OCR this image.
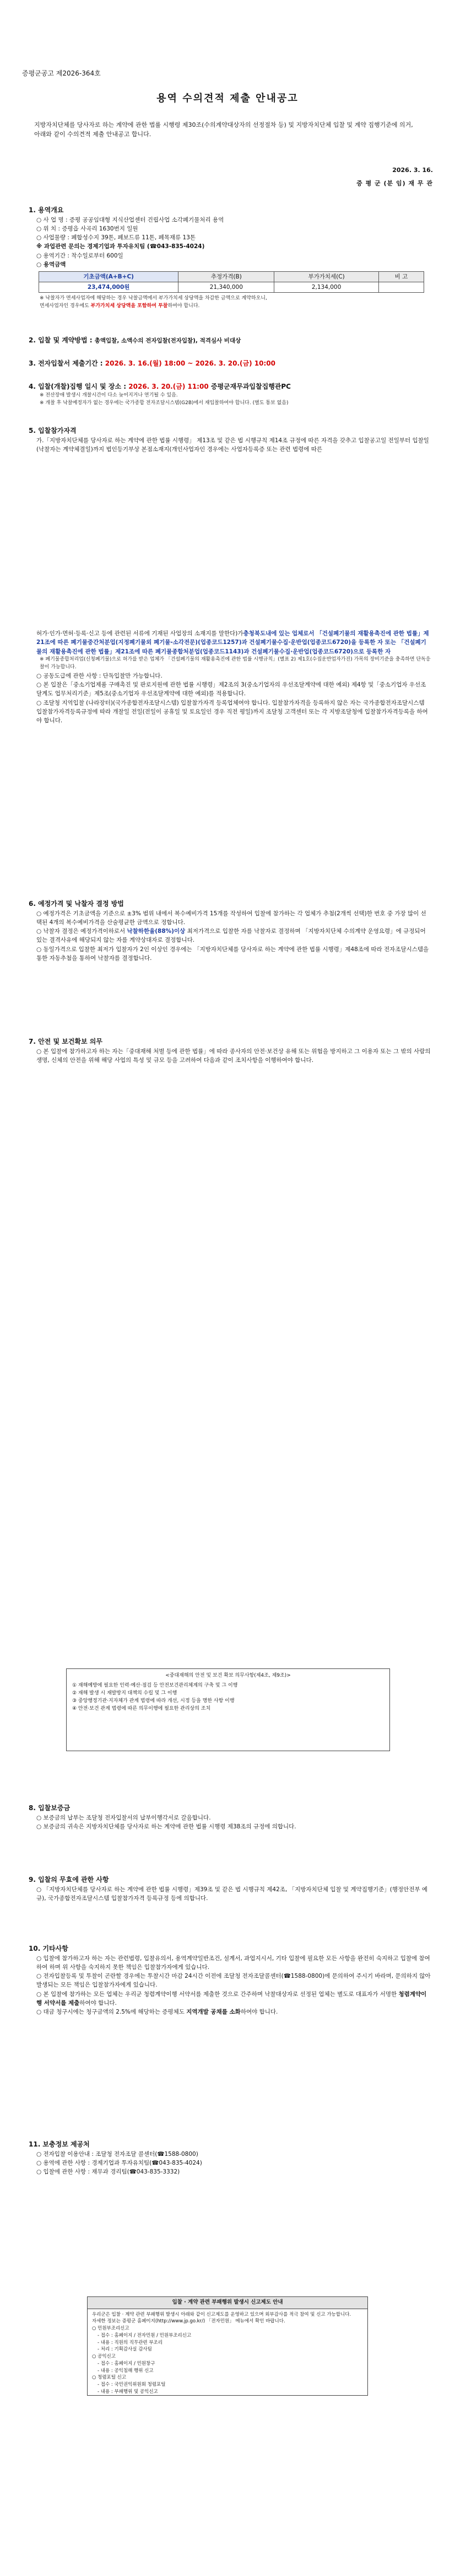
증평군공고 제2026-364호
용역 수의견적 제출 안내공고
지방자치단체를 당사자로 하는 계약에 관한 법률 시행령 제30조(수의계약대상자의 선정절차 등) 및 지방자치단체 입찰 및 계약 집행기준에 의거, 아래와 같이 수의견적 제출 안내공고 합니다.
2026. 3. 16.
증 평 군 (분 임) 재 무 관
1. 용역개요
○ 사 업 명 : 증평 공공임대형 지식산업센터 건립사업 소각폐기물처리 용역
○ 위 치 : 증평읍 사곡리 1630번지 일원
○ 사업물량 : 폐합성수지 39톤, 폐보드류 11톤, 폐목재류 13톤
※ 과업관련 문의는 경제기업과 투자유치팀 (☎043-835-4024)
○ 용역기간 : 착수일로부터 600일
○ 용역금액
기초금액(A+B+C)	추정가격(B)	부가가치세(C)	비 고
23,474,000원	21,340,000	2,134,000	
※ 낙찰자가 면세사업자에 해당하는 경우 낙찰금액에서 부가가치세 상당액을 차감한 금액으로 계약하오니,
면세사업자인 경우에도 부가가치세 상당액을 포함하여 투찰하여야 합니다.
2. 입찰 및 계약방법 : 총액입찰, 소액수의 전자입찰(전자입찰), 적격심사 비대상
3. 전자입찰서 제출기간 : 2026. 3. 16.(월) 18:00 ~ 2026. 3. 20.(금) 10:00
4. 입찰(개찰)집행 일시 및 장소 : 2026. 3. 20.(금) 11:00 증평군재무과입찰집행관PC
※ 전산장애 발생시 개찰시간이 다소 늦어지거나 연기될 수 있음.
※ 개찰 후 낙찰예정자가 없는 경우에는 국가종합 전자조달시스템(G2B)에서 재입찰하여야 합니다. (별도 통보 없음)
5. 입찰참가자격
가.「지방자치단체를 당사자로 하는 계약에 관한 법률 시행령」 제13조 및 같은 법 시행규칙 제14조 규정에 따른 자격을 갖추고 입찰공고일 전일부터 입찰일(낙찰자는 계약체결일)까지 법인등기부상 본점소재지(개인사업자인 경우에는 사업자등록증 또는 관련 법령에 따른
허가·인가·면허·등록·신고 등에 관련된 서류에 기재된 사업장의 소재지를 말한다)가충청북도내에 있는 업체로서 「건설폐기물의 재활용촉진에 관한 법률」제21조에 따른 폐기물중간처분업(지정폐기물외 폐기물-소각전문)(업종코드1257)과 건설폐기물수집·운반업(업종코드6720)을 등록한 자 또는 「건설폐기물의 재활용촉진에 관한 법률」제21조에 따른 폐기물종합처분업(업종코드1143)과 건설폐기물수집·운반업(업종코드6720)으로 등록한 자
※ 폐기물종합처리업(신청폐기물)으로 허가를 받은 업체가 「건설폐기물의 재활용촉진에 관한 법률 시행규칙」(별표 2) 제1호(수집운반업자가진) 가목의 장비기준을 충족하면 단독응찰이 가능합니다.
○ 공동도급에 관한 사항 : 단독입찰만 가능합니다.
○ 본 입찰은「중소기업제품 구매촉진 및 판로지원에 관한 법률 시행령」제2조의 3(중소기업자의 우선조달계약에 대한 예외) 제4항 및「중소기업자 우선조달계도 업무처리기준」제5조(중소기업자 우선조달계약에 대한 예외)를 적용합니다.
○ 조달청 지역입찰 (나라장터)(국가종합전자조달시스템) 입찰참가자격 등록업체여야 합니다. 입찰참가자격을 등록하지 않은 자는 국가종합전자조달시스템 입찰참가자격등록규정에 따라 개찰일 전일(전일이 공휴일 및 토요일인 경우 직전 평일)까지 조달청 고객센터 또는 각 지방조달청에 입찰참가자격등록을 하여야 합니다.
6. 예정가격 및 낙찰자 결정 방법
○ 예정가격은 기초금액을 기준으로 ±3% 범위 내에서 복수예비가격 15개를 작성하여 입찰에 참가하는 각 업체가 추첨(2개씩 선택)한 번호 중 가장 많이 선택된 4개의 복수예비가격을 산술평균한 금액으로 정합니다.
○ 낙찰자 결정은 예정가격이하로서 낙찰하한율(88%)이상 최저가격으로 입찰한 자를 낙찰자로 결정하며 「지방자치단체 수의계약 운영요령」에 규정되어 있는 결격사유에 해당되지 않는 자를 계약상대자로 결정합니다.
○ 동일가격으로 입찰한 최저가 입찰자가 2인 이상인 경우에는 「지방자치단체를 당사자로 하는 계약에 관한 법률 시행령」제48조에 따라 전자조달시스템을 통한 자동추첨을 통하여 낙찰자를 결정합니다.
7. 안전 및 보건확보 의무
○ 본 입찰에 참가하고자 하는 자는「중대재해 처벌 등에 관한 법률」에 따라 종사자의 안전·보건상 유해 또는 위험을 방지하고 그 이용자 또는 그 밖의 사람의 생명, 신체의 안전을 위해 해당 사업의 특성 및 규모 등을 고려하여 다음과 같이 조치사항을 이행하여야 합니다.
<중대재해의 안전 및 보건 확보 의무사항(제4조, 제9조)>
① 재해예방에 필요한 인력·예산·점검 등 안전보건관리체계의 구축 및 그 이행
② 재해 발생 시 재발방지 대책의 수립 및 그 이행
③ 중앙행정기관·지자체가 관계 법령에 따라 개선, 시정 등을 명한 사항 이행
④ 안전·보건 관계 법령에 따른 의무이행에 필요한 관리상의 조치
8. 입찰보증금
○ 보증금의 납부는 조달청 전자입찰서의 납부이행각서로 갈음합니다.
○ 보증금의 귀속은 지방자치단체를 당사자로 하는 계약에 관한 법률 시행령 제38조의 규정에 의합니다.
9. 입찰의 무효에 관한 사항
○ 「지방자치단체를 당사자로 하는 계약에 관한 법률 시행령」제39조 및 같은 법 시행규칙 제42조, 「지방자치단체 입찰 및 계약집행기준」(행정안전부 예규), 국가종합전자조달시스템 입찰참가자격 등록규정 등에 의합니다.
10. 기타사항
○ 입찰에 참가하고자 하는 자는 관련법령, 입찰유의서, 용역계약일반조건, 설계서, 과업지시서, 기타 입찰에 필요한 모든 사항을 완전히 숙지하고 입찰에 참여하여 하며 위 사항을 숙지하지 못한 책임은 입찰참가자에게 있습니다.
○ 전자입찰등록 및 투찰이 곤란할 경우에는 투찰시간 마감 24시간 이전에 조달청 전자조달콜센터(☎1588-0800)에 문의하여 주시기 바라며, 문의하지 않아 발생되는 모든 책임은 입찰참가자에게 있습니다.
○ 본 입찰에 참가하는 모든 업체는 우리군 청렴계약이행 서약서를 제출한 것으로 간주하며 낙찰대상자로 선정된 업체는 별도로 대표자가 서명한 청렴계약이행 서약서를 제출하여야 합니다.
○ 대금 청구시에는 청구금액의 2.5%에 해당하는 증평체도 지역개발 공채를 소화하여야 합니다.
11. 보충정보 제공처
○ 전자입찰 이용안내 : 조달청 전자조달 콜센터(☎1588-0800)
○ 용역에 관한 사항 : 경제기업과 투자유치팀(☎043-835-4024)
○ 입찰에 관한 사항 : 재무과 경리팀(☎043-835-3332)
입찰 · 계약 관련 부패행위 발생시 신고제도 안내
우리군은 입찰 · 계약 관련 부패행위 발생시 아래와 같이 신고제도를 운영하고 있으며 외부감사를 적극 참여 및 신고 가능합니다.
자세한 정보는 증평군 홈페이지(http://www.jp.go.kr/) 「전자민원」 메뉴에서 확인 바랍니다.
○ 민원부조리신고
- 접수 : 홈페이지 / 전자민원 / 민원부조리신고
- 내용 : 직원의 직무관련 부조리
- 처리 : 기획감사실 감사팀
○ 공익신고
- 접수 : 홈페이지 / 민원창구
- 내용 : 공익침해 행위 신고
○ 청렴포털 신고
- 접수 : 국민권익위원회 청렴포털
- 내용 : 부패행위 및 공익신고
